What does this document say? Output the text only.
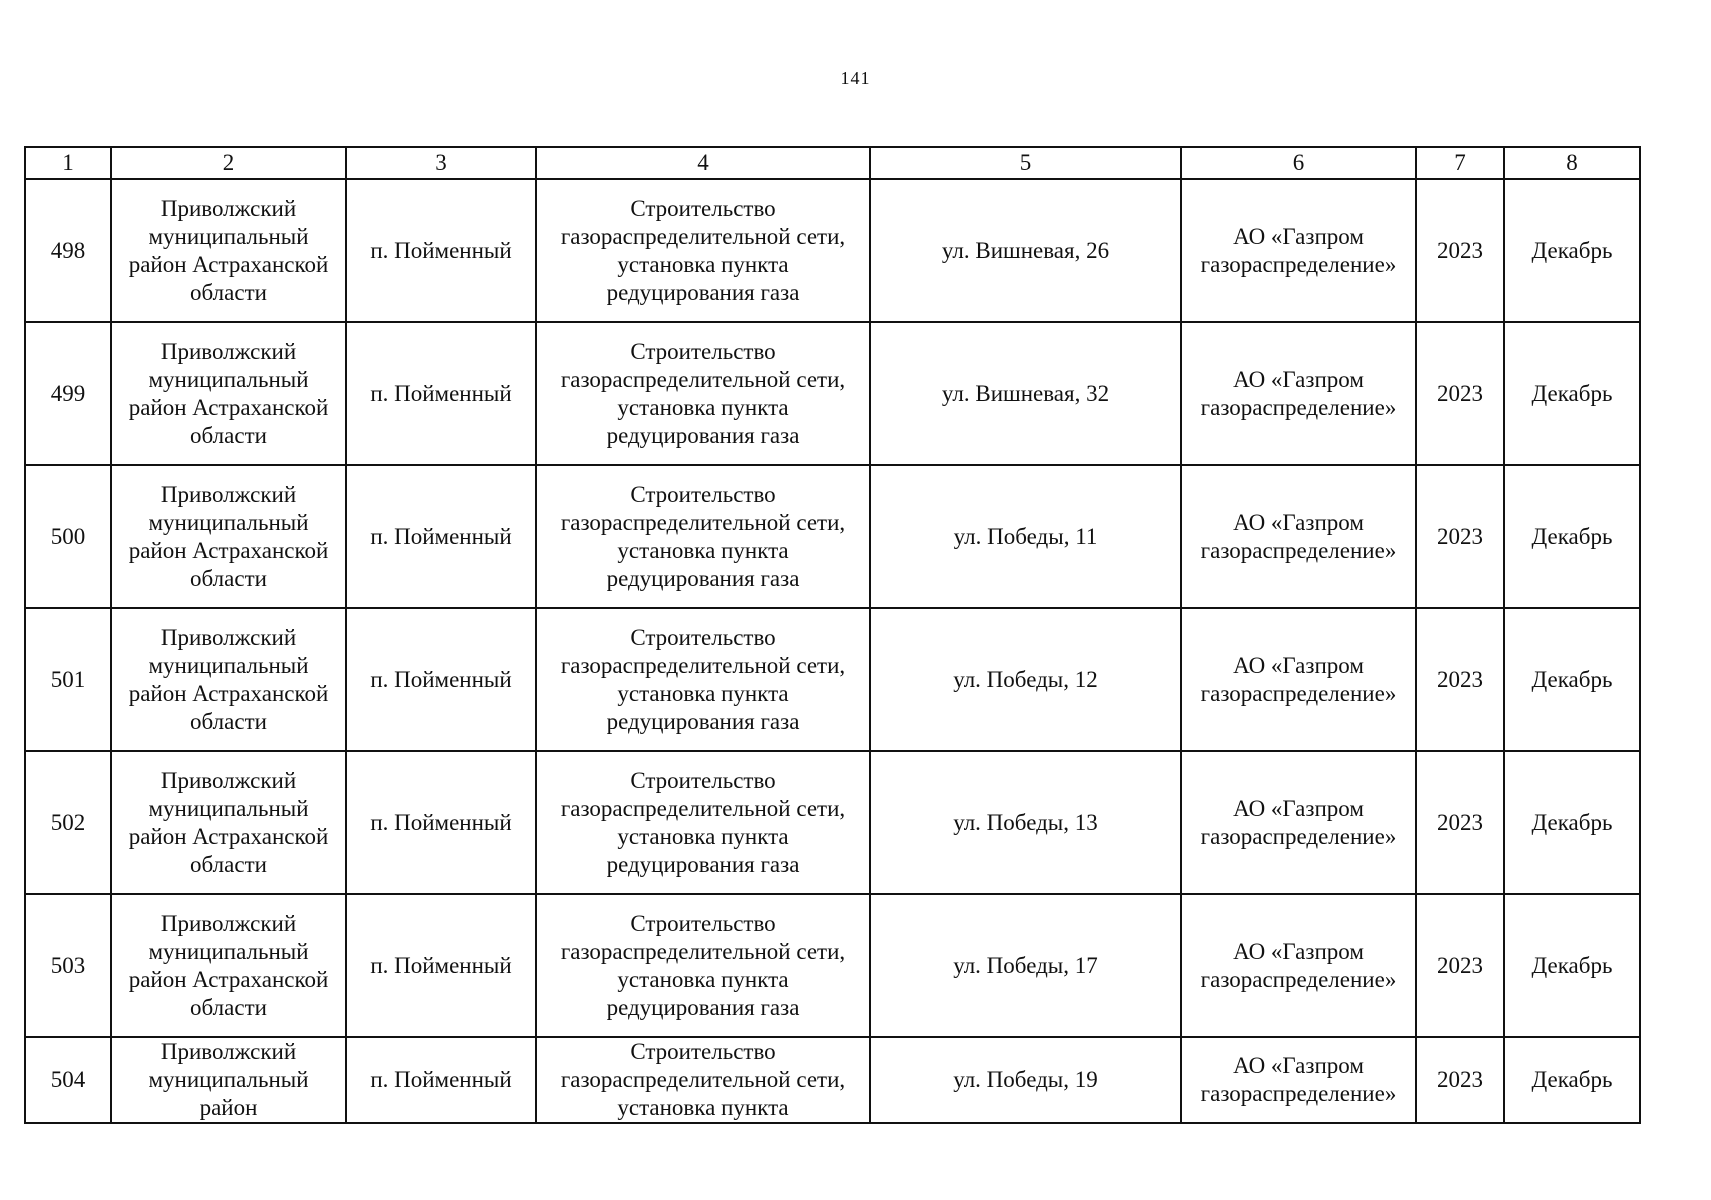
141
1	2	3	4	5	6	7	8
498	Приволжский муниципальный район Астраханской области	п. Пойменный	Строительство газораспределительной сети, установка пункта редуцирования газа	ул. Вишневая, 26	АО «Газпром газораспределение»	2023	Декабрь
499	Приволжский муниципальный район Астраханской области	п. Пойменный	Строительство газораспределительной сети, установка пункта редуцирования газа	ул. Вишневая, 32	АО «Газпром газораспределение»	2023	Декабрь
500	Приволжский муниципальный район Астраханской области	п. Пойменный	Строительство газораспределительной сети, установка пункта редуцирования газа	ул. Победы, 11	АО «Газпром газораспределение»	2023	Декабрь
501	Приволжский муниципальный район Астраханской области	п. Пойменный	Строительство газораспределительной сети, установка пункта редуцирования газа	ул. Победы, 12	АО «Газпром газораспределение»	2023	Декабрь
502	Приволжский муниципальный район Астраханской области	п. Пойменный	Строительство газораспределительной сети, установка пункта редуцирования газа	ул. Победы, 13	АО «Газпром газораспределение»	2023	Декабрь
503	Приволжский муниципальный район Астраханской области	п. Пойменный	Строительство газораспределительной сети, установка пункта редуцирования газа	ул. Победы, 17	АО «Газпром газораспределение»	2023	Декабрь
504	Приволжский муниципальный район	п. Пойменный	Строительство газораспределительной сети, установка пункта	ул. Победы, 19	АО «Газпром газораспределение»	2023	Декабрь
